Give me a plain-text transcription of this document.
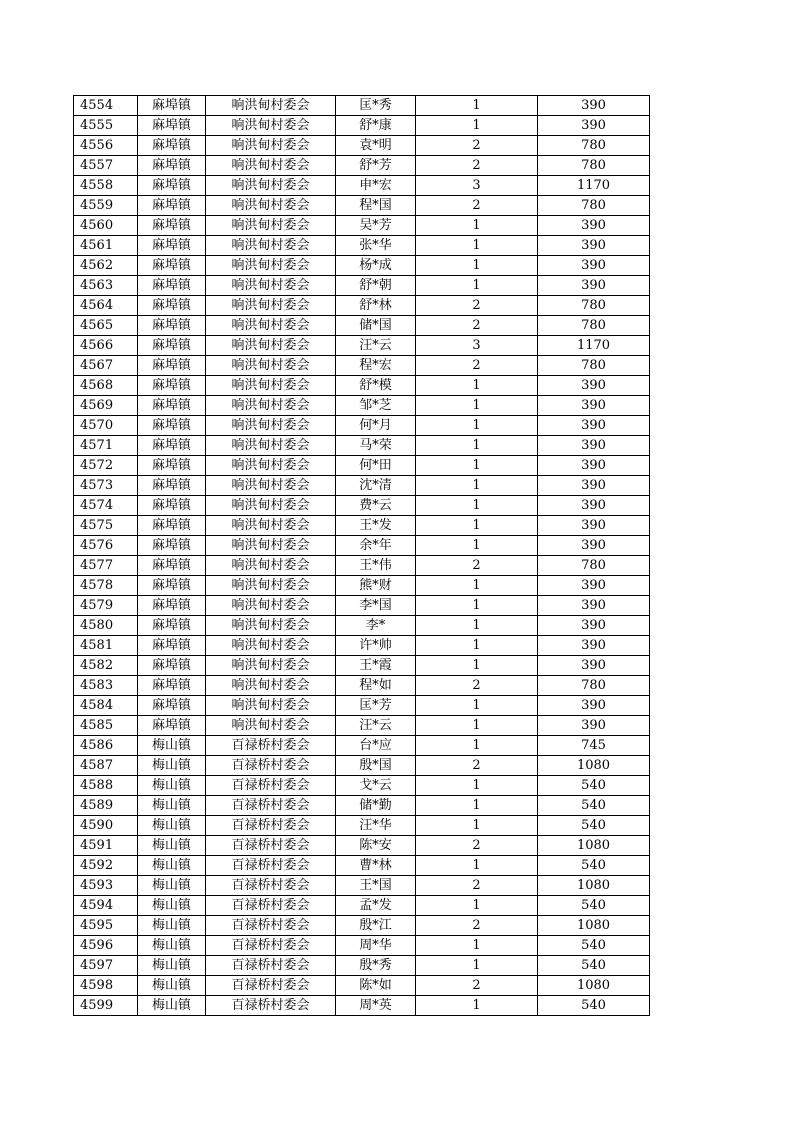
4554	麻埠镇	响洪甸村委会	匡*秀	1	390
4555	麻埠镇	响洪甸村委会	舒*康	1	390
4556	麻埠镇	响洪甸村委会	袁*明	2	780
4557	麻埠镇	响洪甸村委会	舒*芳	2	780
4558	麻埠镇	响洪甸村委会	申*宏	3	1170
4559	麻埠镇	响洪甸村委会	程*国	2	780
4560	麻埠镇	响洪甸村委会	吴*芳	1	390
4561	麻埠镇	响洪甸村委会	张*华	1	390
4562	麻埠镇	响洪甸村委会	杨*成	1	390
4563	麻埠镇	响洪甸村委会	舒*朝	1	390
4564	麻埠镇	响洪甸村委会	舒*林	2	780
4565	麻埠镇	响洪甸村委会	储*国	2	780
4566	麻埠镇	响洪甸村委会	汪*云	3	1170
4567	麻埠镇	响洪甸村委会	程*宏	2	780
4568	麻埠镇	响洪甸村委会	舒*模	1	390
4569	麻埠镇	响洪甸村委会	邹*芝	1	390
4570	麻埠镇	响洪甸村委会	何*月	1	390
4571	麻埠镇	响洪甸村委会	马*荣	1	390
4572	麻埠镇	响洪甸村委会	何*田	1	390
4573	麻埠镇	响洪甸村委会	沈*清	1	390
4574	麻埠镇	响洪甸村委会	费*云	1	390
4575	麻埠镇	响洪甸村委会	王*发	1	390
4576	麻埠镇	响洪甸村委会	余*年	1	390
4577	麻埠镇	响洪甸村委会	王*伟	2	780
4578	麻埠镇	响洪甸村委会	熊*财	1	390
4579	麻埠镇	响洪甸村委会	李*国	1	390
4580	麻埠镇	响洪甸村委会	李*	1	390
4581	麻埠镇	响洪甸村委会	许*帅	1	390
4582	麻埠镇	响洪甸村委会	王*霞	1	390
4583	麻埠镇	响洪甸村委会	程*如	2	780
4584	麻埠镇	响洪甸村委会	匡*芳	1	390
4585	麻埠镇	响洪甸村委会	汪*云	1	390
4586	梅山镇	百禄桥村委会	台*应	1	745
4587	梅山镇	百禄桥村委会	殷*国	2	1080
4588	梅山镇	百禄桥村委会	戈*云	1	540
4589	梅山镇	百禄桥村委会	储*勤	1	540
4590	梅山镇	百禄桥村委会	汪*华	1	540
4591	梅山镇	百禄桥村委会	陈*安	2	1080
4592	梅山镇	百禄桥村委会	曹*林	1	540
4593	梅山镇	百禄桥村委会	王*国	2	1080
4594	梅山镇	百禄桥村委会	孟*发	1	540
4595	梅山镇	百禄桥村委会	殷*江	2	1080
4596	梅山镇	百禄桥村委会	周*华	1	540
4597	梅山镇	百禄桥村委会	殷*秀	1	540
4598	梅山镇	百禄桥村委会	陈*如	2	1080
4599	梅山镇	百禄桥村委会	周*英	1	540
